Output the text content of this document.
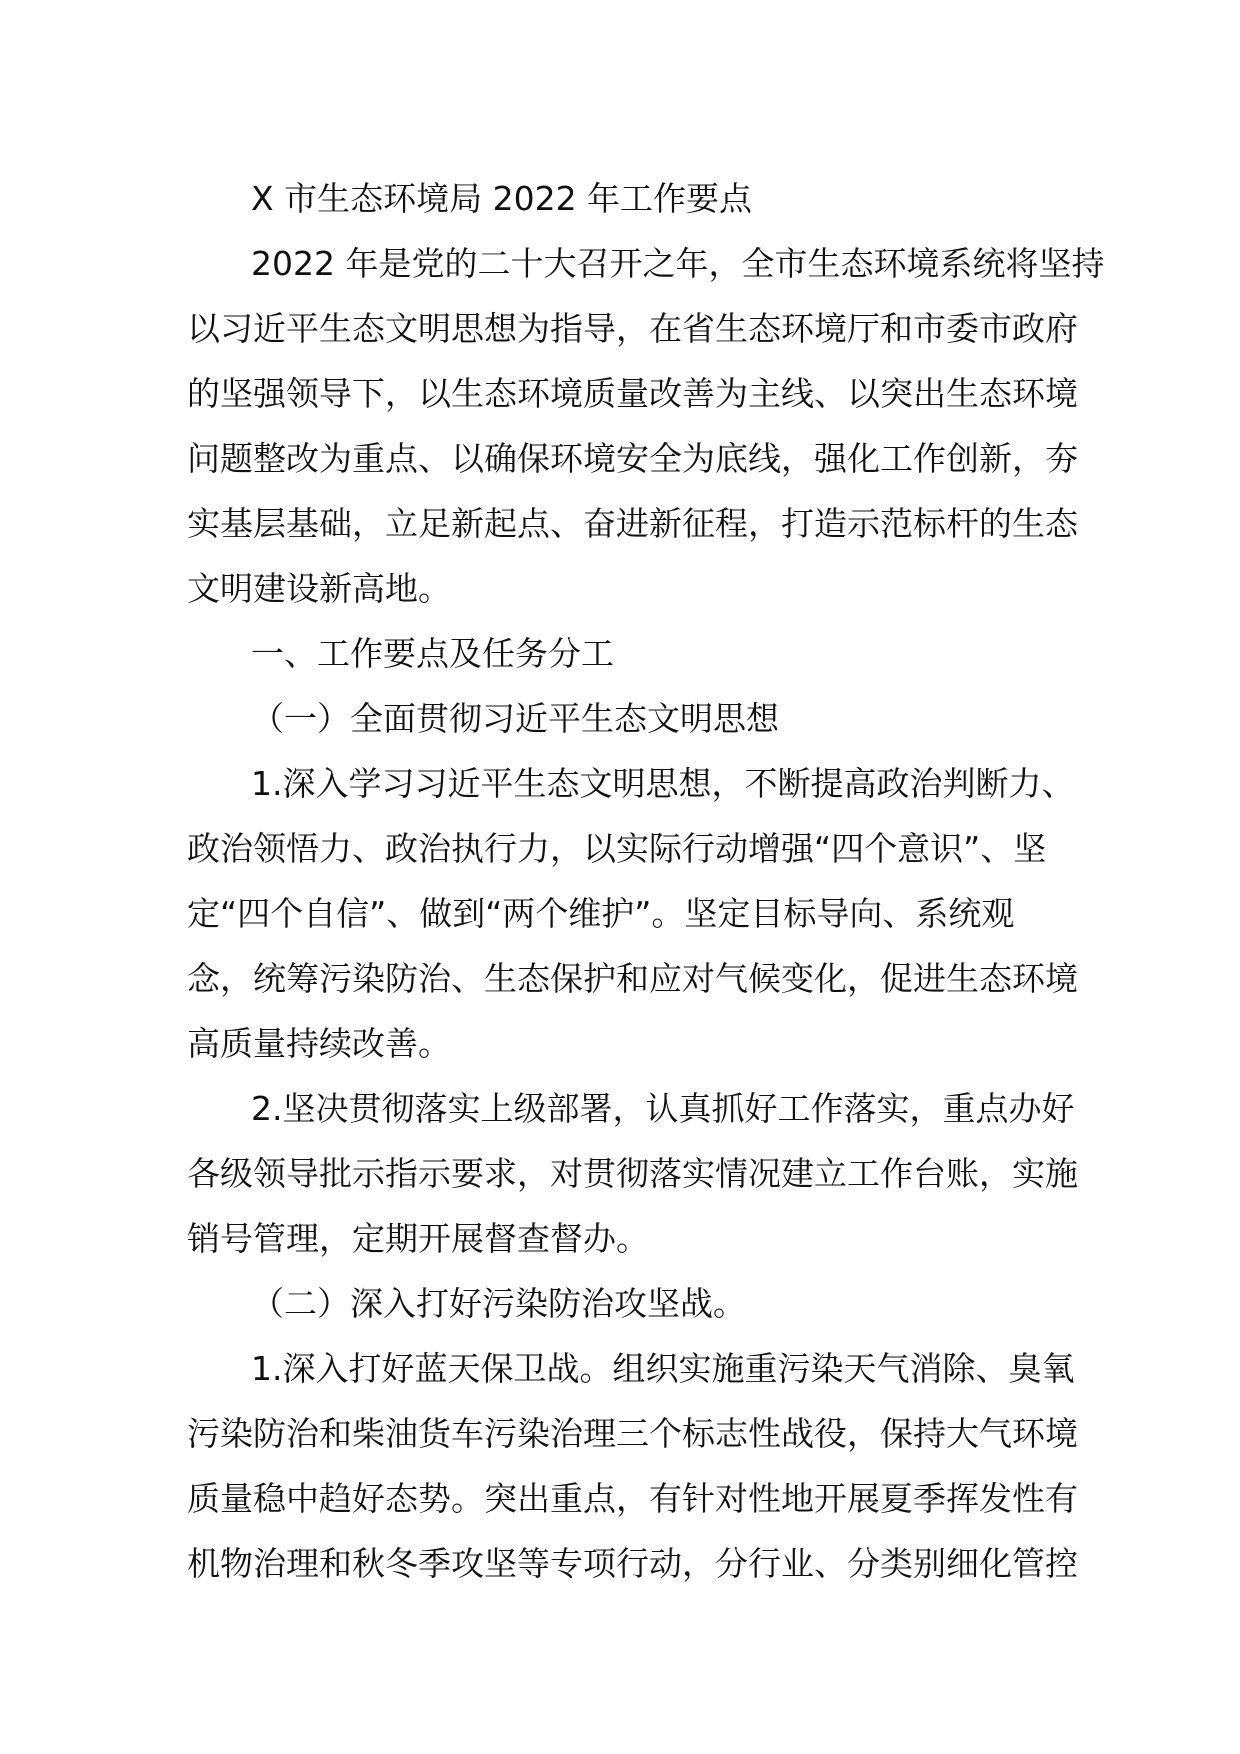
X 市生态环境局 2022 年工作要点
2022 年是党的二十大召开之年，全市生态环境系统将坚持
以习近平生态文明思想为指导，在省生态环境厅和市委市政府
的坚强领导下，以生态环境质量改善为主线、以突出生态环境
问题整改为重点、以确保环境安全为底线，强化工作创新，夯
实基层基础，立足新起点、奋进新征程，打造示范标杆的生态
文明建设新高地。
一、工作要点及任务分工
（一）全面贯彻习近平生态文明思想
1.深入学习习近平生态文明思想，不断提高政治判断力、
政治领悟力、政治执行力，以实际行动增强“四个意识”、坚
定“四个自信”、做到“两个维护”。坚定目标导向、系统观
念，统筹污染防治、生态保护和应对气候变化，促进生态环境
高质量持续改善。
2.坚决贯彻落实上级部署，认真抓好工作落实，重点办好
各级领导批示指示要求，对贯彻落实情况建立工作台账，实施
销号管理，定期开展督查督办。
（二）深入打好污染防治攻坚战。
1.深入打好蓝天保卫战。组织实施重污染天气消除、臭氧
污染防治和柴油货车污染治理三个标志性战役，保持大气环境
质量稳中趋好态势。突出重点，有针对性地开展夏季挥发性有
机物治理和秋冬季攻坚等专项行动，分行业、分类别细化管控
